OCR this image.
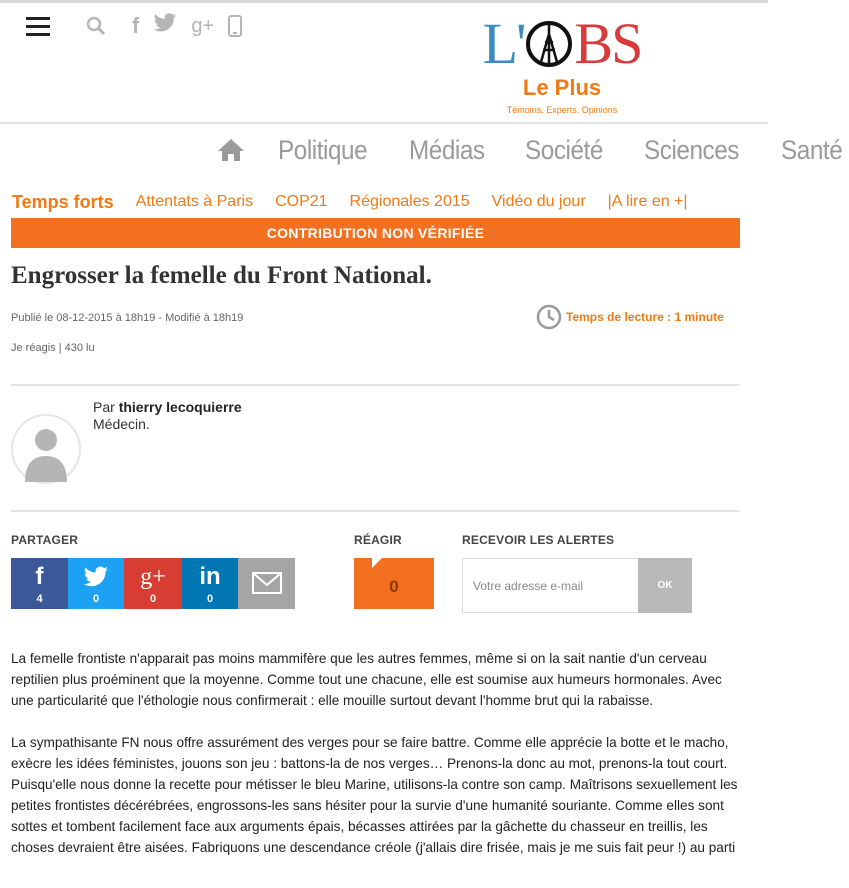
f	g+	L' BS
Le Plus
Témoins. Experts. Opinions
Politique Médias Société Sciences Santé
Temps forts Attentats à Paris COP21 Régionales 2015 Vidéo du jour |A lire en +|
CONTRIBUTION NON VÉRIFIÉE
Engrosser la femelle du Front National.
Publié le 08-12-2015 à 18h19 - Modifié à 18h19	Temps de lecture : 1 minute
Je réagis | 430 lu
Par thierry lecoquierre
Médecin.
PARTAGER	RÉAGIR	RECEVOIR LES ALERTES
f
4	0
g+
0
in
0
0
Votre adresse e-mail	OK

La femelle frontiste n'apparait pas moins mammifère que les autres femmes, même si on la sait nantie d'un cerveau reptilien plus proéminent que la moyenne. Comme tout une chacune, elle est soumise aux humeurs hormonales. Avec une particularité que l'éthologie nous confirmerait : elle mouille surtout devant l'homme brut qui la rabaisse.

La sympathisante FN nous offre assurément des verges pour se faire battre. Comme elle apprécie la botte et le macho, exècre les idées féministes, jouons son jeu : battons-la de nos verges… Prenons-la donc au mot, prenons-la tout court. Puisqu'elle nous donne la recette pour métisser le bleu Marine, utilisons-la contre son camp. Maîtrisons sexuellement les petites frontistes décérébrées, engrossons-les sans hésiter pour la survie d'une humanité souriante. Comme elles sont sottes et tombent facilement face aux arguments épais, bécasses attirées par la gâchette du chasseur en treillis, les choses devraient être aisées. Fabriquons une descendance créole (j'allais dire frisée, mais je me suis fait peur !) au parti
